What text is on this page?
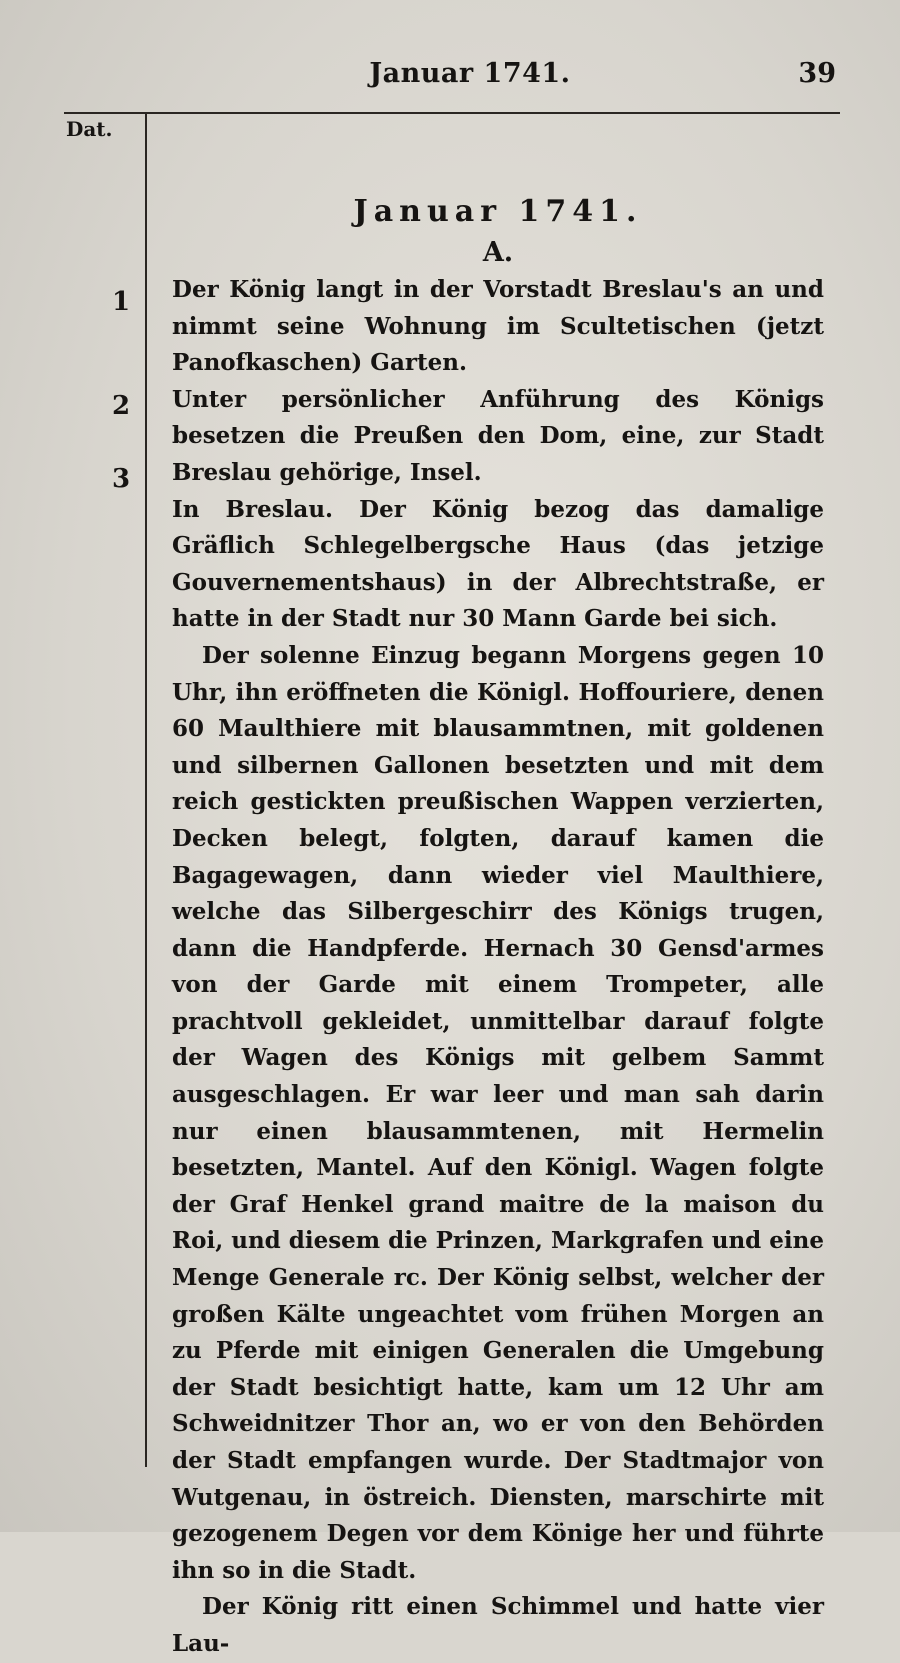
Januar 1741.	39
Dat.
1
2
3
Januar 1741.
A.

Der König langt in der Vorstadt Breslau's an und nimmt seine Wohnung im Scultetischen (jetzt Panofkaschen) Garten.

Unter persönlicher Anführung des Königs besetzen die Preußen den Dom, eine, zur Stadt Breslau gehörige, Insel.

In Breslau. Der König bezog das damalige Gräflich Schlegelbergsche Haus (das jetzige Gouvernementshaus) in der Albrechtstraße, er hatte in der Stadt nur 30 Mann Garde bei sich.

Der solenne Einzug begann Morgens gegen 10 Uhr, ihn eröffneten die Königl. Hoffouriere, denen 60 Maulthiere mit blausammtnen, mit goldenen und silbernen Gallonen besetzten und mit dem reich gestickten preußischen Wappen verzierten, Decken belegt, folgten, darauf kamen die Bagagewagen, dann wieder viel Maulthiere, welche das Silbergeschirr des Königs trugen, dann die Handpferde. Hernach 30 Gensd'armes von der Garde mit einem Trompeter, alle prachtvoll gekleidet, unmittelbar darauf folgte der Wagen des Königs mit gelbem Sammt ausgeschlagen. Er war leer und man sah darin nur einen blausammtenen, mit Hermelin besetzten, Mantel. Auf den Königl. Wagen folgte der Graf Henkel grand maitre de la maison du Roi, und diesem die Prinzen, Markgrafen und eine Menge Generale rc. Der König selbst, welcher der großen Kälte ungeachtet vom frühen Morgen an zu Pferde mit einigen Generalen die Umgebung der Stadt besichtigt hatte, kam um 12 Uhr am Schweidnitzer Thor an, wo er von den Behörden der Stadt empfangen wurde. Der Stadtmajor von Wutgenau, in östreich. Diensten, marschirte mit gezogenem Degen vor dem Könige her und führte ihn so in die Stadt.

Der König ritt einen Schimmel und hatte vier Lau-
